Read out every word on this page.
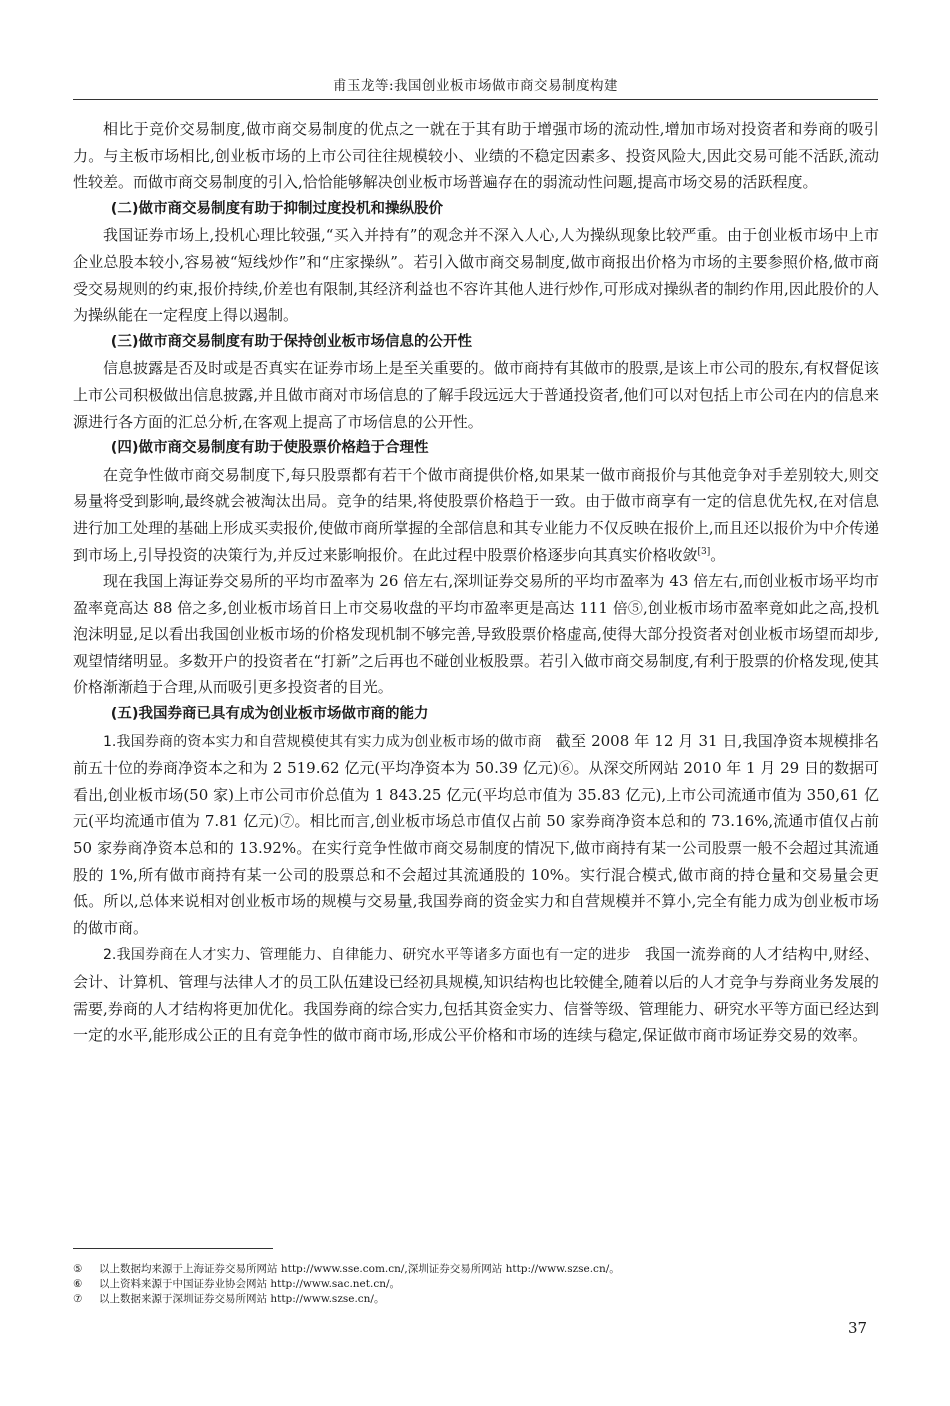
甫玉龙等:我国创业板市场做市商交易制度构建

相比于竞价交易制度,做市商交易制度的优点之一就在于其有助于增强市场的流动性,增加市场对投资者和券商的吸引力。与主板市场相比,创业板市场的上市公司往往规模较小、业绩的不稳定因素多、投资风险大,因此交易可能不活跃,流动性较差。而做市商交易制度的引入,恰恰能够解决创业板市场普遍存在的弱流动性问题,提高市场交易的活跃程度。

(二)做市商交易制度有助于抑制过度投机和操纵股价

我国证券市场上,投机心理比较强,“买入并持有”的观念并不深入人心,人为操纵现象比较严重。由于创业板市场中上市企业总股本较小,容易被“短线炒作”和“庄家操纵”。若引入做市商交易制度,做市商报出价格为市场的主要参照价格,做市商受交易规则的约束,报价持续,价差也有限制,其经济利益也不容许其他人进行炒作,可形成对操纵者的制约作用,因此股价的人为操纵能在一定程度上得以遏制。

(三)做市商交易制度有助于保持创业板市场信息的公开性

信息披露是否及时或是否真实在证券市场上是至关重要的。做市商持有其做市的股票,是该上市公司的股东,有权督促该上市公司积极做出信息披露,并且做市商对市场信息的了解手段远远大于普通投资者,他们可以对包括上市公司在内的信息来源进行各方面的汇总分析,在客观上提高了市场信息的公开性。

(四)做市商交易制度有助于使股票价格趋于合理性

在竞争性做市商交易制度下,每只股票都有若干个做市商提供价格,如果某一做市商报价与其他竞争对手差别较大,则交易量将受到影响,最终就会被淘汰出局。竞争的结果,将使股票价格趋于一致。由于做市商享有一定的信息优先权,在对信息进行加工处理的基础上形成买卖报价,使做市商所掌握的全部信息和其专业能力不仅反映在报价上,而且还以报价为中介传递到市场上,引导投资的决策行为,并反过来影响报价。在此过程中股票价格逐步向其真实价格收敛[3]。

现在我国上海证券交易所的平均市盈率为 26 倍左右,深圳证券交易所的平均市盈率为 43 倍左右,而创业板市场平均市盈率竟高达 88 倍之多,创业板市场首日上市交易收盘的平均市盈率更是高达 111 倍⑤,创业板市场市盈率竟如此之高,投机泡沫明显,足以看出我国创业板市场的价格发现机制不够完善,导致股票价格虚高,使得大部分投资者对创业板市场望而却步,观望情绪明显。多数开户的投资者在“打新”之后再也不碰创业板股票。若引入做市商交易制度,有利于股票的价格发现,使其价格渐渐趋于合理,从而吸引更多投资者的目光。

(五)我国券商已具有成为创业板市场做市商的能力

1.我国券商的资本实力和自营规模使其有实力成为创业板市场的做市商 截至 2008 年 12 月 31 日,我国净资本规模排名前五十位的券商净资本之和为 2 519.62 亿元(平均净资本为 50.39 亿元)⑥。从深交所网站 2010 年 1 月 29 日的数据可看出,创业板市场(50 家)上市公司市价总值为 1 843.25 亿元(平均总市值为 35.83 亿元),上市公司流通市值为 350,61 亿元(平均流通市值为 7.81 亿元)⑦。相比而言,创业板市场总市值仅占前 50 家券商净资本总和的 73.16%,流通市值仅占前 50 家券商净资本总和的 13.92%。在实行竞争性做市商交易制度的情况下,做市商持有某一公司股票一般不会超过其流通股的 1%,所有做市商持有某一公司的股票总和不会超过其流通股的 10%。实行混合模式,做市商的持仓量和交易量会更低。所以,总体来说相对创业板市场的规模与交易量,我国券商的资金实力和自营规模并不算小,完全有能力成为创业板市场的做市商。

2.我国券商在人才实力、管理能力、自律能力、研究水平等诸多方面也有一定的进步 我国一流券商的人才结构中,财经、会计、计算机、管理与法律人才的员工队伍建设已经初具规模,知识结构也比较健全,随着以后的人才竞争与券商业务发展的需要,券商的人才结构将更加优化。我国券商的综合实力,包括其资金实力、信誉等级、管理能力、研究水平等方面已经达到一定的水平,能形成公正的且有竞争性的做市商市场,形成公平价格和市场的连续与稳定,保证做市商市场证券交易的效率。

⑤	以上数据均来源于上海证券交易所网站 http://www.sse.com.cn/,深圳证券交易所网站 http://www.szse.cn/。
⑥	以上资料来源于中国证券业协会网站 http://www.sac.net.cn/。
⑦	以上数据来源于深圳证券交易所网站 http://www.szse.cn/。
37
